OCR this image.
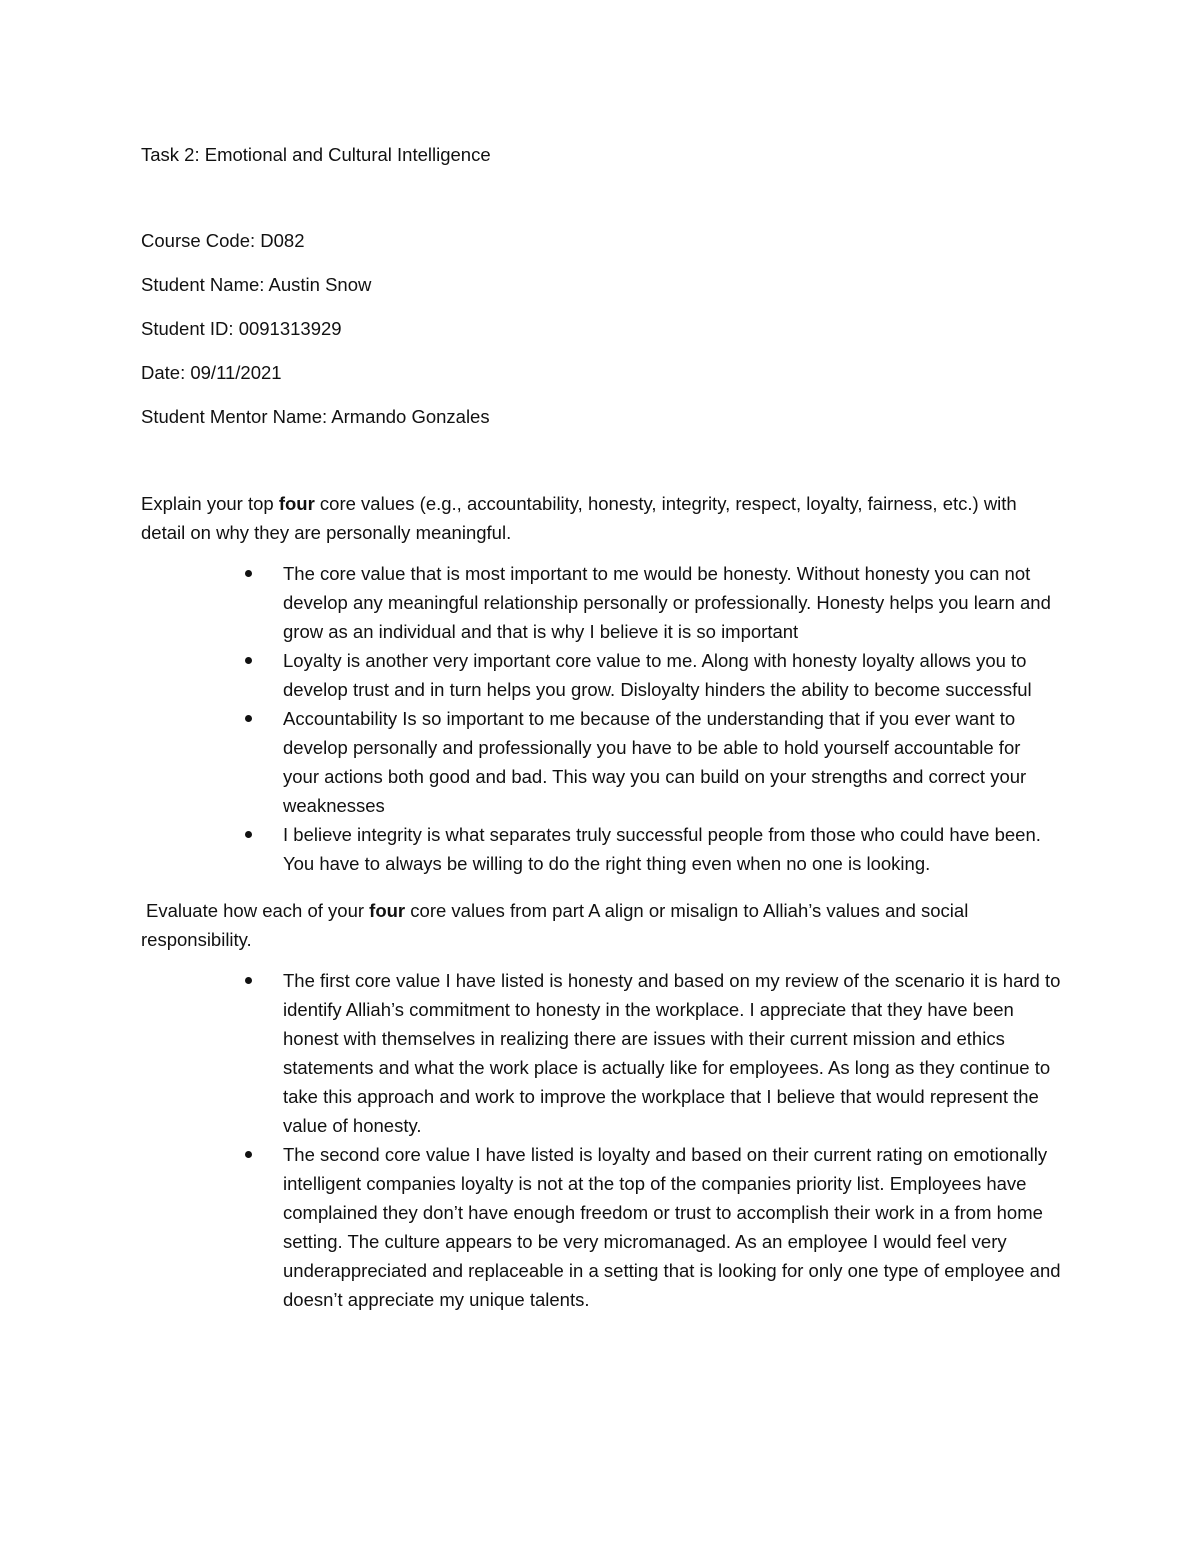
Task 2: Emotional and Cultural Intelligence

Course Code: D082

Student Name: Austin Snow

Student ID: 0091313929

Date: 09/11/2021

Student Mentor Name: Armando Gonzales

Explain your top four core values (e.g., accountability, honesty, integrity, respect, loyalty, fairness, etc.) with detail on why they are personally meaningful.

The core value that is most important to me would be honesty. Without honesty you can not develop any meaningful relationship personally or professionally. Honesty helps you learn and grow as an individual and that is why I believe it is so important
Loyalty is another very important core value to me. Along with honesty loyalty allows you to develop trust and in turn helps you grow. Disloyalty hinders the ability to become successful
Accountability Is so important to me because of the understanding that if you ever want to develop personally and professionally you have to be able to hold yourself accountable for your actions both good and bad. This way you can build on your strengths and correct your weaknesses
I believe integrity is what separates truly successful people from those who could have been. You have to always be willing to do the right thing even when no one is looking.

Evaluate how each of your four core values from part A align or misalign to Alliah’s values and social responsibility.

The first core value I have listed is honesty and based on my review of the scenario it is hard to identify Alliah’s commitment to honesty in the workplace. I appreciate that they have been honest with themselves in realizing there are issues with their current mission and ethics statements and what the work place is actually like for employees. As long as they continue to take this approach and work to improve the workplace that I believe that would represent the value of honesty.
The second core value I have listed is loyalty and based on their current rating on emotionally intelligent companies loyalty is not at the top of the companies priority list. Employees have complained they don’t have enough freedom or trust to accomplish their work in a from home setting. The culture appears to be very micromanaged. As an employee I would feel very underappreciated and replaceable in a setting that is looking for only one type of employee and doesn’t appreciate my unique talents.
